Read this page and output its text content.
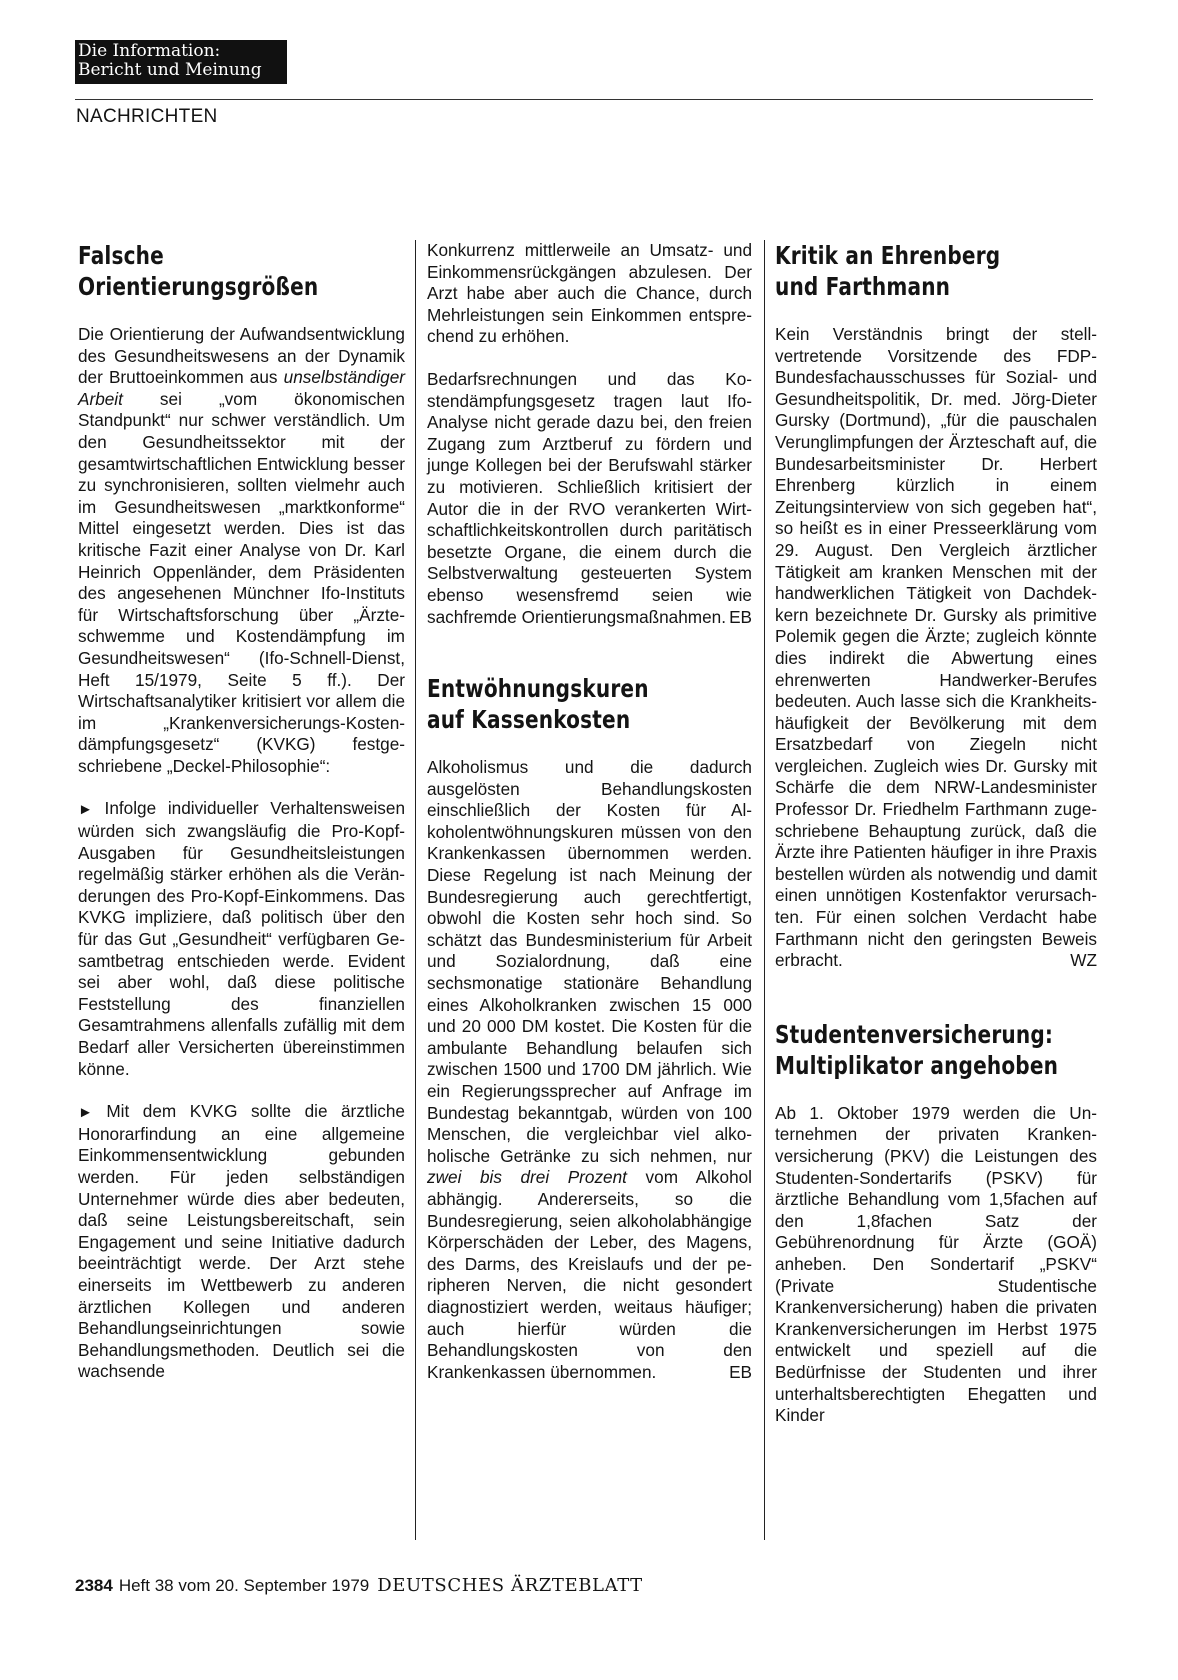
Die Information:
Bericht und Meinung
NACHRICHTEN
Falsche
Orientierungsgrößen

Die Orientierung der Aufwandsentwicklung des Gesundheitswesens an der Dynamik der Bruttoeinkommen aus unselbständiger Arbeit sei „vom ökonomischen Standpunkt“ nur schwer verständlich. Um den Gesundheitssektor mit der gesamtwirtschaftlichen Entwicklung besser zu synchronisieren, sollten vielmehr auch im Gesundheitswesen „marktkonforme“ Mittel eingesetzt werden. Dies ist das kritische Fazit einer Analyse von Dr. Karl Heinrich Oppenländer, dem Präsidenten des angesehenen Münchner Ifo-Instituts für Wirtschaftsforschung über „Ärzteschwemme und Kostendämpfung im Gesundheitswesen“ (Ifo-Schnell-Dienst, Heft 15/1979, Seite 5 ff.). Der Wirtschaftsanalytiker kritisiert vor allem die im „Krankenversicherungs-Kostendämpfungsgesetz“ (KVKG) festgeschriebene „Deckel-Philosophie“:

► Infolge individueller Verhaltensweisen würden sich zwangsläufig die Pro-Kopf-Ausgaben für Gesundheitsleistungen regelmäßig stärker erhöhen als die Veränderungen des Pro-Kopf-Einkommens. Das KVKG impliziere, daß politisch über den für das Gut „Gesundheit“ verfügbaren Gesamtbetrag entschieden werde. Evident sei aber wohl, daß diese politische Feststellung des finanziellen Gesamtrahmens allenfalls zufällig mit dem Bedarf aller Versicherten übereinstimmen könne.

► Mit dem KVKG sollte die ärztliche Honorarfindung an eine allgemeine Einkommensentwicklung gebunden werden. Für jeden selbständigen Unternehmer würde dies aber bedeuten, daß seine Leistungsbereitschaft, sein Engagement und seine Initiative dadurch beeinträchtigt werde. Der Arzt stehe einerseits im Wettbewerb zu anderen ärztlichen Kollegen und anderen Behandlungseinrichtungen sowie Behandlungsmethoden. Deutlich sei die wachsende

Konkurrenz mittlerweile an Umsatz- und Einkommensrückgängen abzulesen. Der Arzt habe aber auch die Chance, durch Mehrleistungen sein Einkommen entsprechend zu erhöhen.

Bedarfsrechnungen und das Kostendämpfungsgesetz tragen laut Ifo-Analyse nicht gerade dazu bei, den freien Zugang zum Arztberuf zu fördern und junge Kollegen bei der Berufswahl stärker zu motivieren. Schließlich kritisiert der Autor die in der RVO verankerten Wirtschaftlichkeitskontrollen durch paritätisch besetzte Organe, die einem durch die Selbstverwaltung gesteuerten System ebenso wesensfremd seien wie sachfremde Orientierungsmaßnahmen. EB

Entwöhnungskuren
auf Kassenkosten

Alkoholismus und die dadurch ausgelösten Behandlungskosten einschließlich der Kosten für Alkoholentwöhnungskuren müssen von den Krankenkassen übernommen werden. Diese Regelung ist nach Meinung der Bundesregierung auch gerechtfertigt, obwohl die Kosten sehr hoch sind. So schätzt das Bundesministerium für Arbeit und Sozialordnung, daß eine sechsmonatige stationäre Behandlung eines Alkoholkranken zwischen 15 000 und 20 000 DM kostet. Die Kosten für die ambulante Behandlung belaufen sich zwischen 1500 und 1700 DM jährlich. Wie ein Regierungssprecher auf Anfrage im Bundestag bekanntgab, würden von 100 Menschen, die vergleichbar viel alkoholische Getränke zu sich nehmen, nur zwei bis drei Prozent vom Alkohol abhängig. Andererseits, so die Bundesregierung, seien alkoholabhängige Körperschäden der Leber, des Magens, des Darms, des Kreislaufs und der peripheren Nerven, die nicht gesondert diagnostiziert werden, weitaus häufiger; auch hierfür würden die Behandlungskosten von den Krankenkassen übernommen.	EB

Kritik an Ehrenberg
und Farthmann

Kein Verständnis bringt der stellvertretende Vorsitzende des FDP-Bundesfachausschusses für Sozial- und Gesundheitspolitik, Dr. med. Jörg-Dieter Gursky (Dortmund), „für die pauschalen Verunglimpfungen der Ärzteschaft auf, die Bundesarbeitsminister Dr. Herbert Ehrenberg kürzlich in einem Zeitungsinterview von sich gegeben hat“, so heißt es in einer Presseerklärung vom 29. August. Den Vergleich ärztlicher Tätigkeit am kranken Menschen mit der handwerklichen Tätigkeit von Dachdekkern bezeichnete Dr. Gursky als primitive Polemik gegen die Ärzte; zugleich könnte dies indirekt die Abwertung eines ehrenwerten Handwerker-Berufes bedeuten. Auch lasse sich die Krankheitshäufigkeit der Bevölkerung mit dem Ersatzbedarf von Ziegeln nicht vergleichen. Zugleich wies Dr. Gursky mit Schärfe die dem NRW-Landesminister Professor Dr. Friedhelm Farthmann zugeschriebene Behauptung zurück, daß die Ärzte ihre Patienten häufiger in ihre Praxis bestellen würden als notwendig und damit einen unnötigen Kostenfaktor verursachten. Für einen solchen Verdacht habe Farthmann nicht den geringsten Beweis erbracht.	WZ

Studentenversicherung:
Multiplikator angehoben

Ab 1. Oktober 1979 werden die Unternehmen der privaten Krankenversicherung (PKV) die Leistungen des Studenten-Sondertarifs (PSKV) für ärztliche Behandlung vom 1,5fachen auf den 1,8fachen Satz der Gebührenordnung für Ärzte (GOÄ) anheben. Den Sondertarif „PSKV“ (Private Studentische Krankenversicherung) haben die privaten Krankenversicherungen im Herbst 1975 entwickelt und speziell auf die Bedürfnisse der Studenten und ihrer unterhaltsberechtigten Ehegatten und Kinder

2384 Heft 38 vom 20. September 1979 DEUTSCHES ÄRZTEBLATT
